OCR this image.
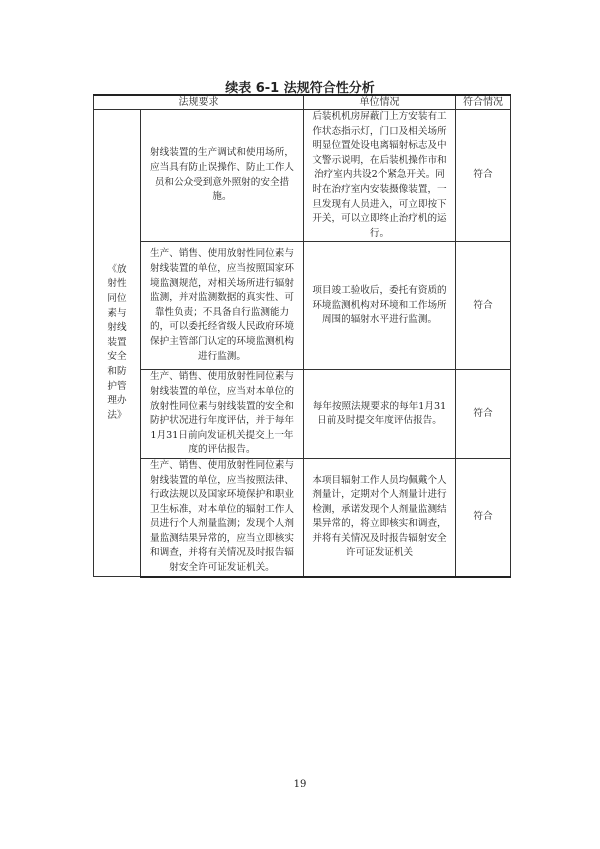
续表 6-1 法规符合性分析
法规要求		单位情况	符合情况
《放射性同位素与射线装置安全和防护管理办法》	射线装置的生产调试和使用场所，应当具有防止误操作、防止工作人员和公众受到意外照射的安全措施。	后装机机房屏蔽门上方安装有工作状态指示灯，门口及相关场所明显位置处设电离辐射标志及中文警示说明，在后装机操作市和治疗室内共设2个紧急开关。同时在治疗室内安装摄像装置，一旦发现有人员进入，可立即按下开关，可以立即终止治疗机的运行。	符合
	生产、销售、使用放射性同位素与射线装置的单位，应当按照国家环境监测规范，对相关场所进行辐射监测，并对监测数据的真实性、可靠性负责；不具备自行监测能力的，可以委托经省级人民政府环境保护主管部门认定的环境监测机构进行监测。	项目竣工验收后，委托有资质的环境监测机构对环境和工作场所周围的辐射水平进行监测。	符合
	生产、销售、使用放射性同位素与射线装置的单位，应当对本单位的放射性同位素与射线装置的安全和防护状况进行年度评估，并于每年1月31日前向发证机关提交上一年度的评估报告。	每年按照法规要求的每年1月31日前及时提交年度评估报告。	符合
	生产、销售、使用放射性同位素与射线装置的单位，应当按照法律、行政法规以及国家环境保护和职业卫生标准，对本单位的辐射工作人员进行个人剂量监测；发现个人剂量监测结果异常的，应当立即核实和调查，并将有关情况及时报告辐射安全许可证发证机关。	本项目辐射工作人员均佩戴个人剂量计，定期对个人剂量计进行检测，承诺发现个人剂量监测结果异常的，将立即核实和调查，并将有关情况及时报告辐射安全许可证发证机关	符合
19
